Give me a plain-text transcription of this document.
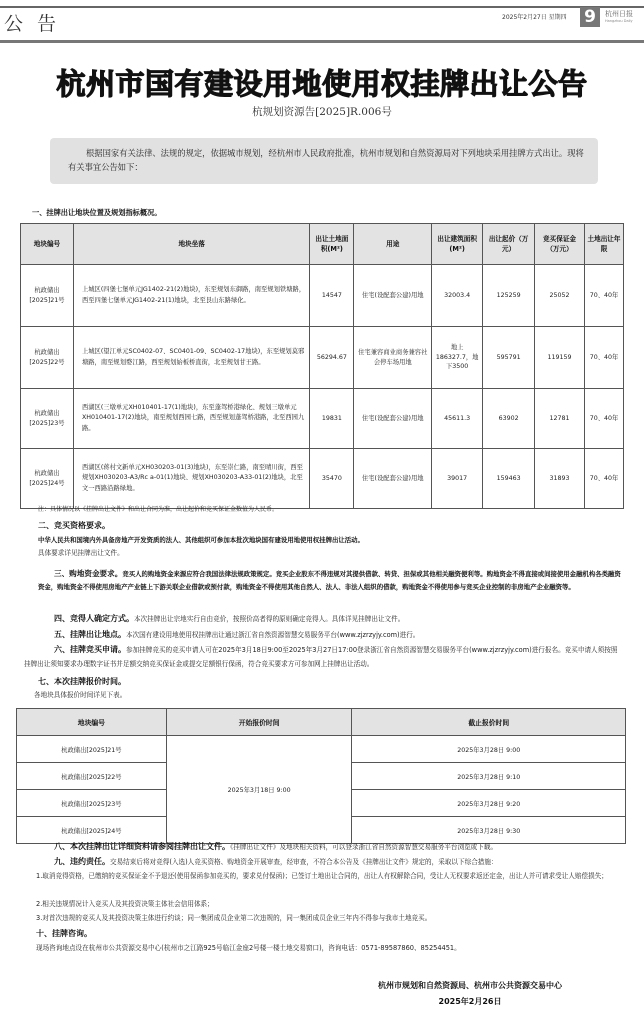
公告	2025年2月27日 星期四 9	杭州日报
Hangzhou Daily
杭州市国有建设用地使用权挂牌出让公告
杭规划资源告[2025]R.006号
根据国家有关法律、法规的规定，依据城市规划，经杭州市人民政府批准，杭州市规划和自然资源局对下列地块采用挂牌方式出让。现将有关事宜公告如下：
一、挂牌出让地块位置及规划指标概况。
地块编号	地块坐落	出让土地面积(M²)	用途	出让建筑面积(M²)	出让起价（万元）	竞买保证金（万元）	土地出让年限
杭政储出[2025]21号	上城区(四堡七堡单元JG1402-21(2)地块)，东至规划东御路，南至规划铁塘路，西至四堡七堡单元JG1402-21(1)地块，北至艮山东路绿化。	14547	住宅(设配套公建)用地	32003.4	125259	25052	70、40年
杭政储出[2025]22号	上城区(望江单元SC0402-07、SC0401-09、SC0402-17地块)，东至规划莫邪塘路，南至规划婺江路，西至规划始板桥直街，北至规划甘王路。	56294.67	住宅兼容商业商务兼容社会停车场用地	地上186327.7，地下3500	595791	119159	70、40年
杭政储出[2025]23号	西湖区(三墩单元XH010401-17(1)地块)，东至蓬驾桥港绿化、规划三墩单元XH010401-17(2)地块，南至规划西园七路，西至规划蓬驾桥港路，北至西园九路。	19831	住宅(设配套公建)用地	45611.3	63902	12781	70、40年
杭政储出[2025]24号	西湖区(蒋村文新单元XH030203-01(3)地块)，东至崇仁路，南至晴川街，西至规划XH030203-A3/Rc a-01(1)地块、规划XH030203-A33-01(2)地块，北至文一西路沿路绿地。	35470	住宅(设配套公建)用地	39017	159463	31893	70、40年
注：具体情况以《挂牌出让文件》和出让合同为准，出让起价和竞买保证金数值为人民币。
二、竞买资格要求。
中华人民共和国境内外具备房地产开发资质的法人、其他组织可参加本批次地块国有建设用地使用权挂牌出让活动。
具体要求详见挂牌出让文件。
三、购地资金要求。竞买人的购地资金来源应符合我国法律法规政策规定。竞买企业股东不得违规对其提供借款、转贷、担保或其他相关融资便利等。购地资金不得直接或间接使用金融机构各类融资资金，购地资金不得使用房地产产业链上下游关联企业借款或预付款，购地资金不得使用其他自然人、法人、非法人组织的借款，购地资金不得使用参与竞买企业控制的非房地产企业融资等。
四、竞得人确定方式。本次挂牌出让宗地实行自由竞价，按照价高者得的原则确定竞得人。具体详见挂牌出让文件。
五、挂牌出让地点。本次国有建设用地使用权挂牌出让通过浙江省自然资源智慧交易服务平台(www.zjzrzyjy.com)进行。
六、挂牌竞买申请。参加挂牌竞买的竞买申请人可在2025年3月18日9:00至2025年3月27日17:00登录浙江省自然资源智慧交易服务平台(www.zjzrzyjy.com)进行报名。竞买申请人须按照挂牌出让须知要求办理数字证书并足额交纳竞买保证金或提交足额银行保函，符合竞买要求方可参加网上挂牌出让活动。
七、本次挂牌报价时间。
各地块具体报价时间详见下表。
地块编号	开始报价时间	截止报价时间
杭政储出[2025]21号	2025年3月18日 9:00	2025年3月28日 9:00
杭政储出[2025]22号		2025年3月28日 9:10
杭政储出[2025]23号		2025年3月28日 9:20
杭政储出[2025]24号		2025年3月28日 9:30
八、本次挂牌出让详细资料请参阅挂牌出让文件。《挂牌出让文件》及地块相关资料，可以登录浙江省自然资源智慧交易服务平台浏览或下载。
九、违约责任。交易结束后将对竞得(入选)人竞买资格、购地资金开展审查，经审查，不符合本公告及《挂牌出让文件》规定的，采取以下综合措施：
1.取消竞得资格，已缴纳的竞买保证金不予退还(使用保函参加竞买的，要求兑付保函)；已签订土地出让合同的，出让人有权解除合同，受让人无权要求返还定金，出让人并可请求受让人赔偿损失；
2.相关违规情况计入竞买人及其投资决策主体社会信用体系；
3.对首次违规的竞买人及其投资决策主体进行约谈；同一集团成员企业第二次违规的，同一集团成员企业三年内不得参与我市土地竞买。
十、挂牌咨询。
现场咨询地点设在杭州市公共资源交易中心(杭州市之江路925号临江金座2号楼一楼土地交易窗口)，咨询电话：0571-89587860、85254451。
杭州市规划和自然资源局、杭州市公共资源交易中心
2025年2月26日
